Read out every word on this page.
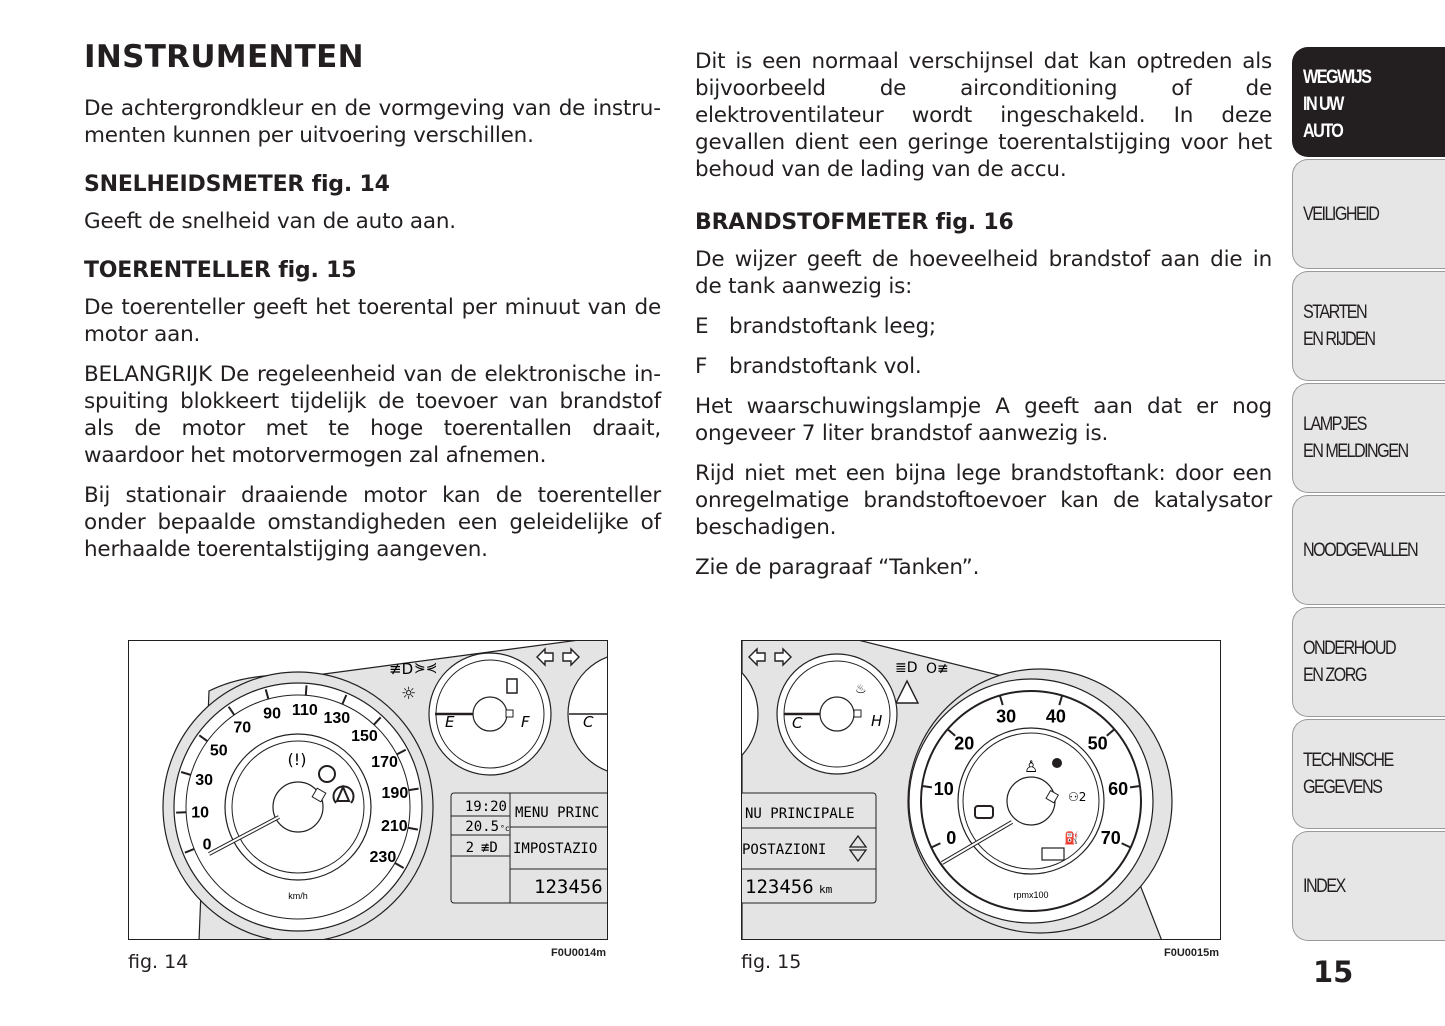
INSTRUMENTEN

De achtergrondkleur en de vormgeving van de instrumenten kunnen per uitvoering verschillen.

SNELHEIDSMETER fig. 14

Geeft de snelheid van de auto aan.

TOERENTELLER fig. 15

De toerenteller geeft het toerental per minuut van de motor aan.

BELANGRIJK De regeleenheid van de elektronische inspuiting blokkeert tijdelijk de toevoer van brandstof als de motor met te hoge toerentallen draait, waardoor het motorvermogen zal afnemen.

Bij stationair draaiende motor kan de toerenteller onder bepaalde omstandigheden een geleidelijke of herhaalde toerentalstijging aangeven.

Dit is een normaal verschijnsel dat kan optreden als bijvoorbeeld de airconditioning of de elektroventilateur wordt ingeschakeld. In deze gevallen dient een geringe toerentalstijging voor het behoud van de lading van de accu.

BRANDSTOFMETER fig. 16

De wijzer geeft de hoeveelheid brandstof aan die in de tank aanwezig is:

E brandstoftank leeg;
F	brandstoftank vol.

Het waarschuwingslampje A geeft aan dat er nog ongeveer 7 liter brandstof aanwezig is.

Rijd niet met een bijna lege brandstoftank: door een onregelmatige brandstoftoevoer kan de katalysator beschadigen.

Zie de paragraaf “Tanken”.

WEGWIJS
IN UW
AUTO
VEILIGHEID
STARTEN
EN RIJDEN
LAMPJES
EN MELDINGEN
NOODGEVALLEN
ONDERHOUD
EN ZORG
TECHNISCHE
GEGEVENS
INDEX
15
0
10
30
50
70
90 110 130
150
170
190
210
230
km/h
(!)
≢D ⋟⋞
☼
E	F	C
19:20
20.5 °c
2 ≢D
MENU PRINC
IMPOSTAZIO
123456
fig. 14	F0U0014m
0
10
20
30 40
50
60
70
rpmx100
♙
⚇2
⛽
≣D O≢
♨
C	H
NU PRINCIPALE
POSTAZIONI
123456 km
fig. 15	F0U0015m
